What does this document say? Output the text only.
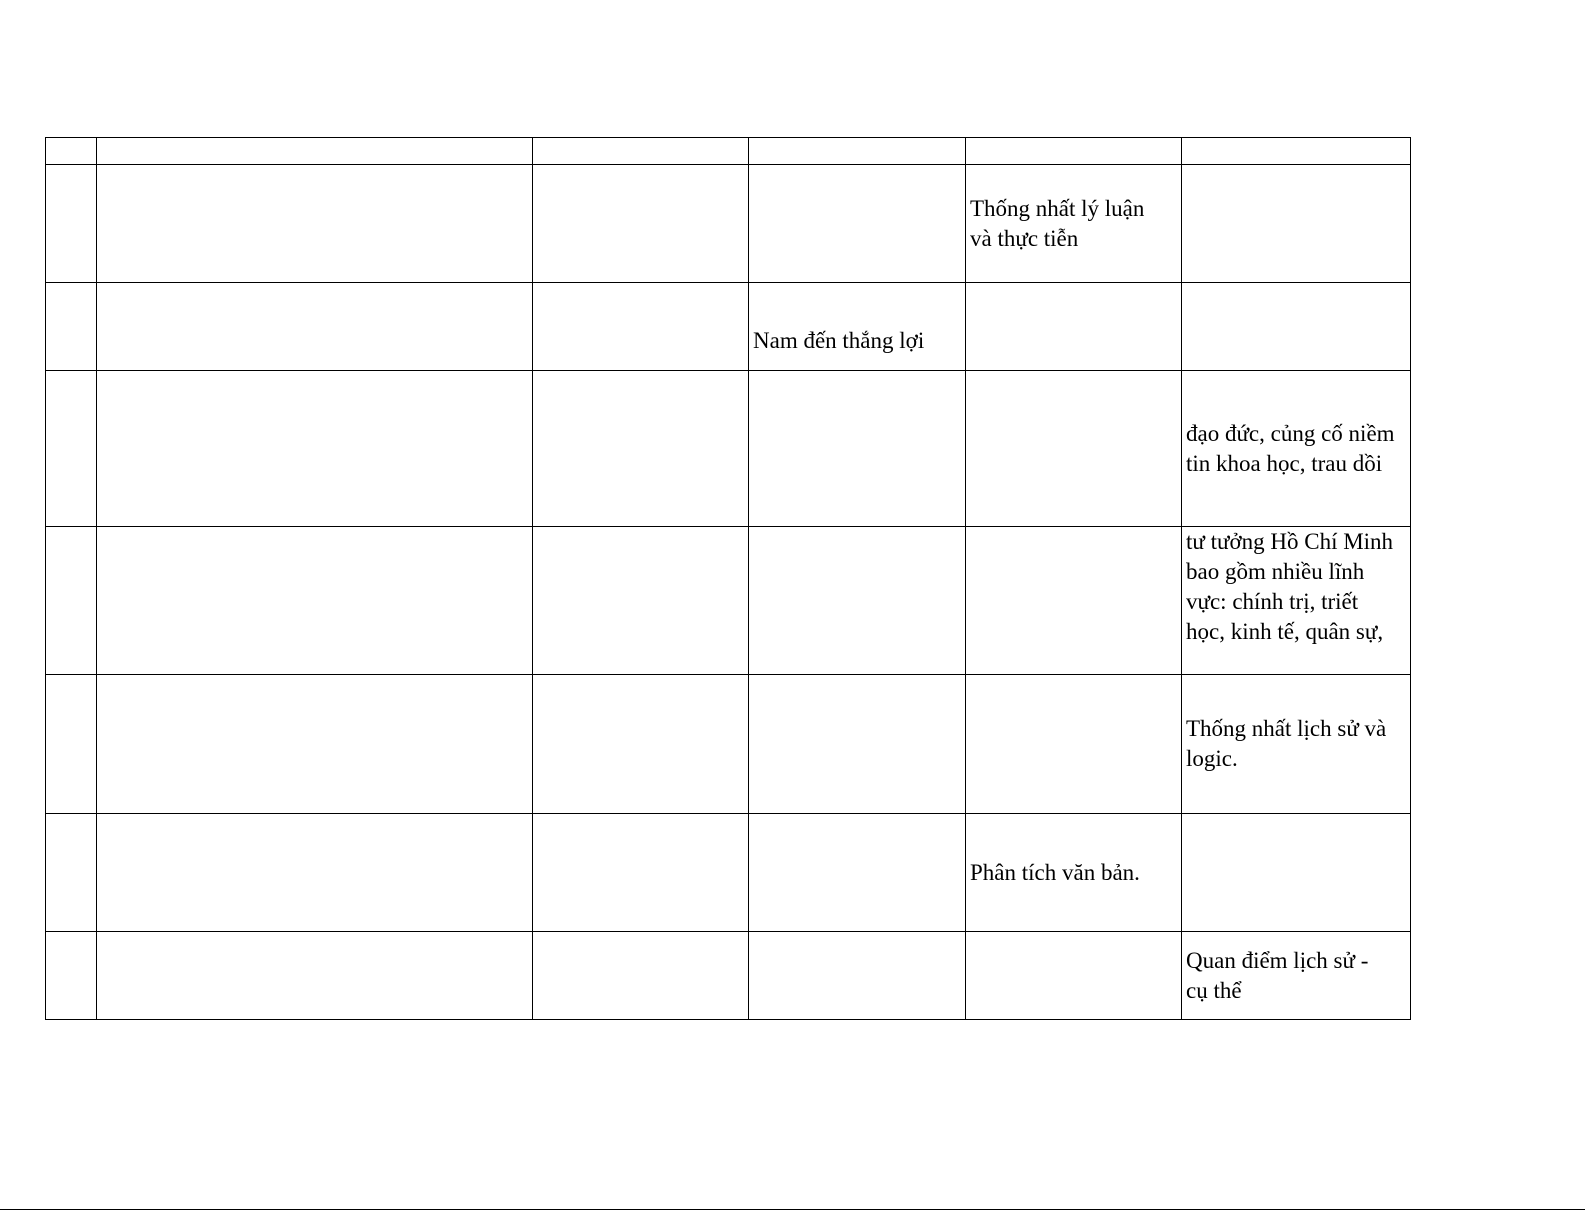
				Thống nhất lý luận
và thực tiễn	

			Nam đến thắng lợi		

					đạo đức, củng cố niềm
tin khoa học, trau dồi

					tư tưởng Hồ Chí Minh
bao gồm nhiều lĩnh
vực: chính trị, triết
học, kinh tế, quân sự,

					Thống nhất lịch sử và
logic.

				Phân tích văn bản.	

					Quan điểm lịch sử -
cụ thể
